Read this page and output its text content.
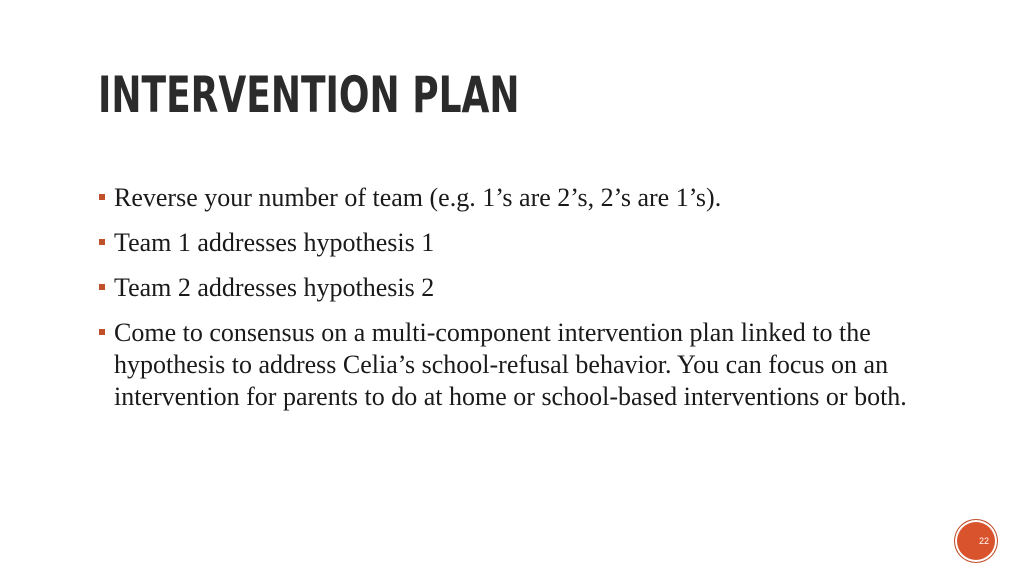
INTERVENTION PLAN
Reverse your number of team (e.g. 1’s are 2’s, 2’s are 1’s).
Team 1 addresses hypothesis 1
Team 2 addresses hypothesis 2
Come to consensus on a multi-component intervention plan linked to the hypothesis to address Celia’s school-refusal behavior. You can focus on an intervention for parents to do at home or school-based interventions or both.
22
